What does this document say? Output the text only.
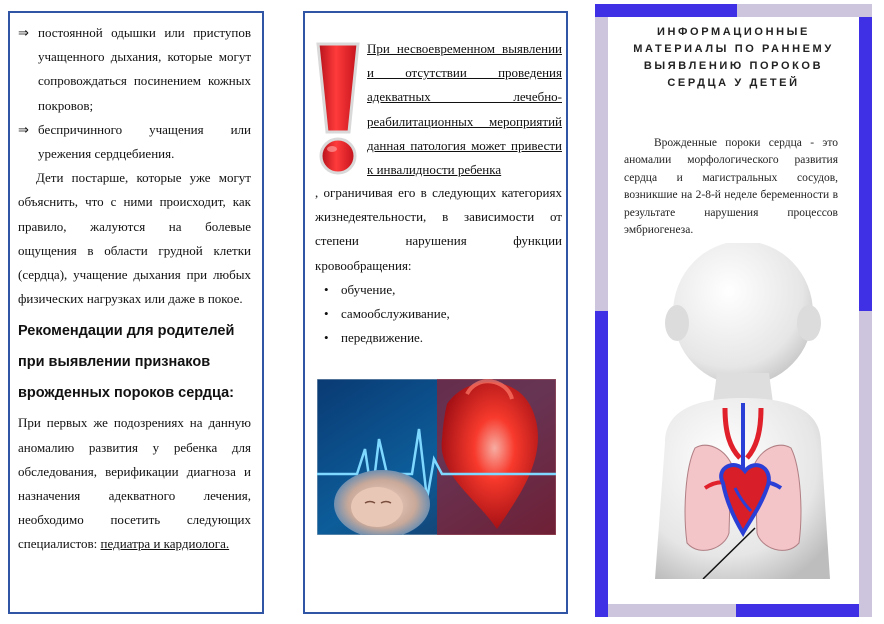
⇒ постоянной одышки или приступов учащенного дыхания, которые могут сопровождаться посинением кожных покровов;
⇒ беспричинного учащения или урежения сердцебиения.
Дети постарше, которые уже могут объяснить, что с ними происходит, как правило, жалуются на болевые ощущения в области грудной клетки (сердца), учащение дыхания при любых физических нагрузках или даже в покое.
Рекомендации для родителей при выявлении признаков врожденных пороков сердца:
При первых же подозрениях на данную аномалию развития у ребенка для обследования, верификации диагноза и назначения адекватного лечения, необходимо посетить следующих специалистов: педиатра и кардиолога.
При несвоевременном выявлении и отсутствии проведения адекватных лечебно-реабилитационных мероприятий данная патология может привести к инвалидности ребенка
, ограничивая его в следующих категориях жизнедеятельности, в зависимости от степени нарушения функции кровообращения:
• обучение,
• самообслуживание,
• передвижение.
ИНФОРМАЦИОННЫЕ МАТЕРИАЛЫ ПО РАННЕМУ ВЫЯВЛЕНИЮ ПОРОКОВ СЕРДЦА У ДЕТЕЙ
Врожденные пороки сердца - это аномалии морфологического развития сердца и магистральных сосудов, возникшие на 2-8-й неделе беременности в результате нарушения процессов эмбриогенеза.
